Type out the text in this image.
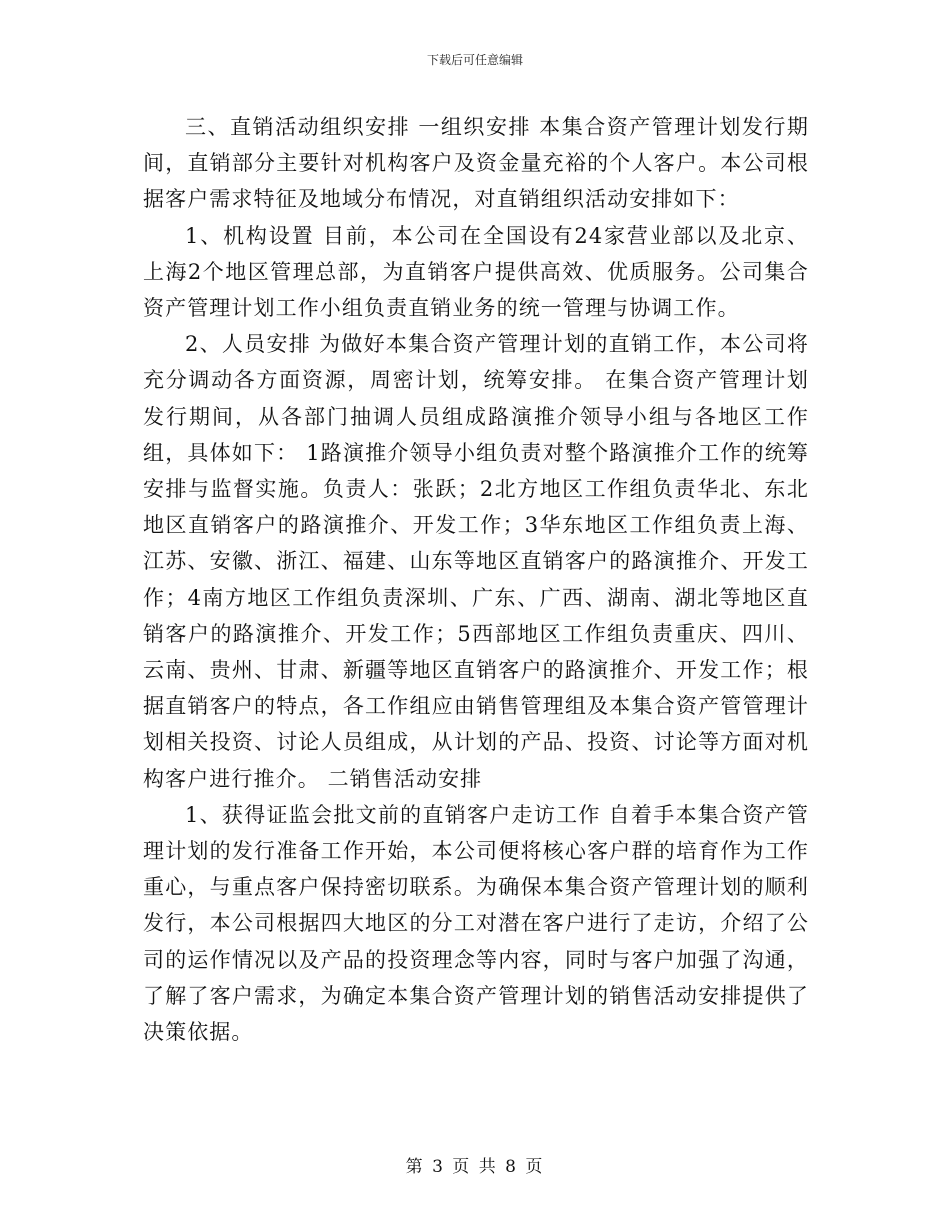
下载后可任意编辑

三、直销活动组织安排 一组织安排 本集合资产管理计划发行期间，直销部分主要针对机构客户及资金量充裕的个人客户。本公司根据客户需求特征及地域分布情况，对直销组织活动安排如下：

1、机构设置 目前，本公司在全国设有24家营业部以及北京、上海2个地区管理总部，为直销客户提供高效、优质服务。公司集合资产管理计划工作小组负责直销业务的统一管理与协调工作。

2、人员安排 为做好本集合资产管理计划的直销工作，本公司将充分调动各方面资源，周密计划，统筹安排。 在集合资产管理计划发行期间，从各部门抽调人员组成路演推介领导小组与各地区工作组，具体如下： 1路演推介领导小组负责对整个路演推介工作的统筹安排与监督实施。负责人：张跃；2北方地区工作组负责华北、东北地区直销客户的路演推介、开发工作；3华东地区工作组负责上海、江苏、安徽、浙江、福建、山东等地区直销客户的路演推介、开发工作；4南方地区工作组负责深圳、广东、广西、湖南、湖北等地区直销客户的路演推介、开发工作；5西部地区工作组负责重庆、四川、云南、贵州、甘肃、新疆等地区直销客户的路演推介、开发工作；根据直销客户的特点，各工作组应由销售管理组及本集合资产管管理计划相关投资、讨论人员组成，从计划的产品、投资、讨论等方面对机构客户进行推介。 二销售活动安排

1、获得证监会批文前的直销客户走访工作 自着手本集合资产管理计划的发行准备工作开始，本公司便将核心客户群的培育作为工作重心，与重点客户保持密切联系。为确保本集合资产管理计划的顺利发行，本公司根据四大地区的分工对潜在客户进行了走访，介绍了公司的运作情况以及产品的投资理念等内容，同时与客户加强了沟通，了解了客户需求，为确定本集合资产管理计划的销售活动安排提供了决策依据。

第 3 页 共 8 页
